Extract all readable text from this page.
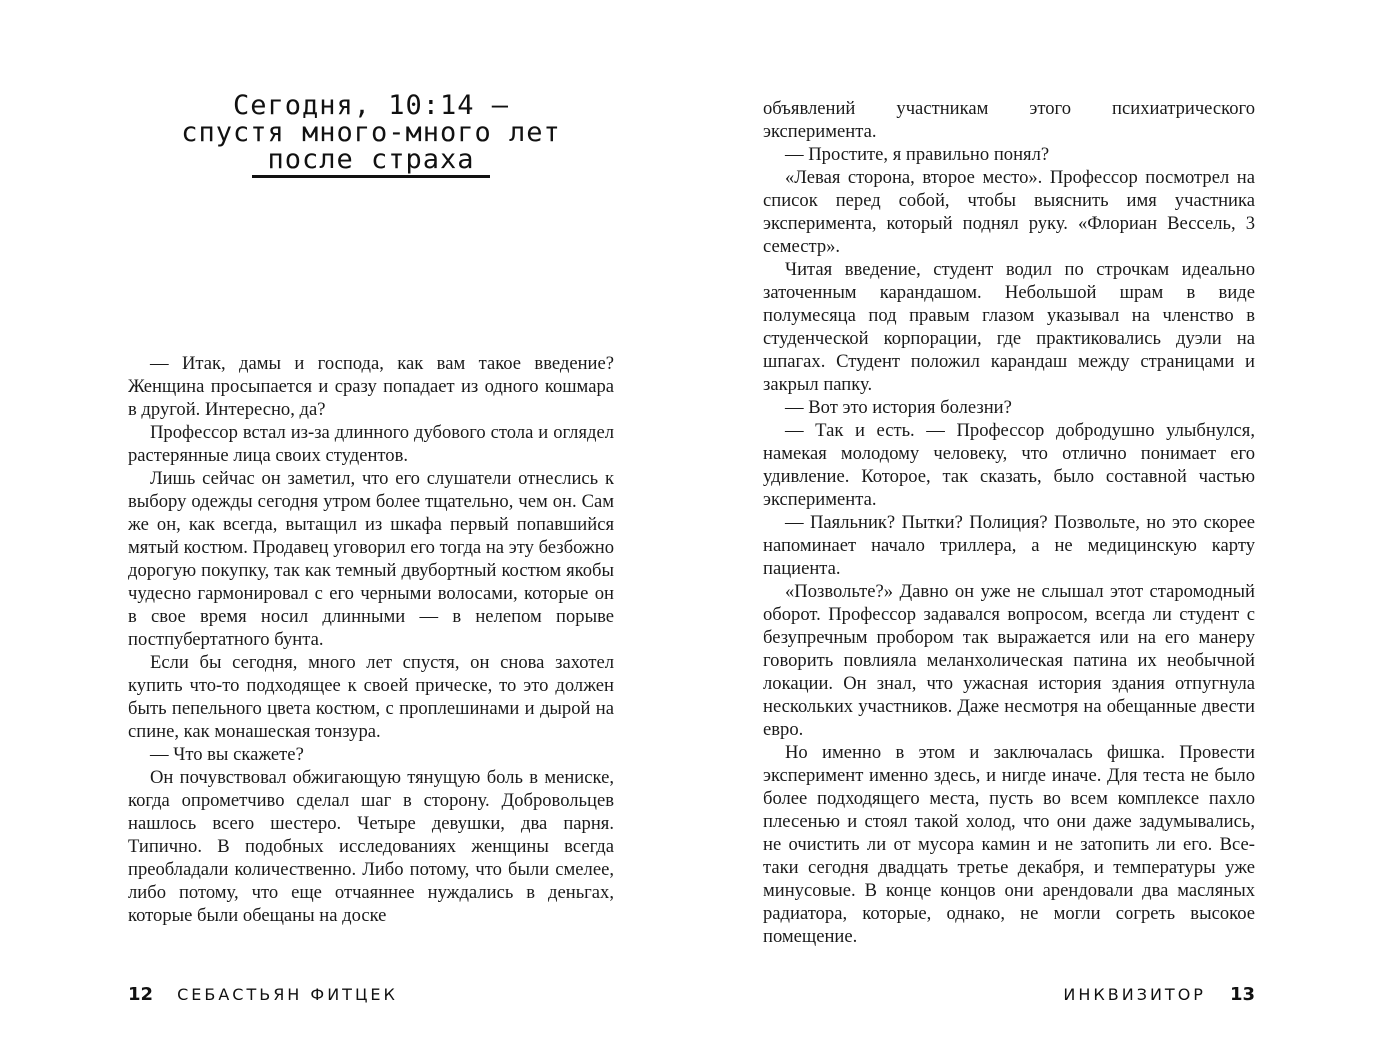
Сегодня, 10:14 —
спустя много-много лет
после страха

— Итак, дамы и господа, как вам такое введение? Женщина просыпается и сразу попадает из одного кошмара в другой. Интересно, да?

Профессор встал из-за длинного дубового стола и оглядел растерянные лица своих студентов.

Лишь сейчас он заметил, что его слушатели отнеслись к выбору одежды сегодня утром более тщательно, чем он. Сам же он, как всегда, вытащил из шкафа первый попавшийся мятый костюм. Продавец уговорил его тогда на эту безбожно дорогую покупку, так как темный двубортный костюм якобы чудесно гармонировал с его черными волосами, которые он в свое время носил длинными — в нелепом порыве постпубертатного бунта.

Если бы сегодня, много лет спустя, он снова захотел купить что-то подходящее к своей прическе, то это должен быть пепельного цвета костюм, с проплешинами и дырой на спине, как монашеская тонзура.

— Что вы скажете?

Он почувствовал обжигающую тянущую боль в мениске, когда опрометчиво сделал шаг в сторону. Добровольцев нашлось всего шестеро. Четыре девушки, два парня. Типично. В подобных исследованиях женщины всегда преобладали количественно. Либо потому, что были смелее, либо потому, что еще отчаяннее нуждались в деньгах, которые были обещаны на доске

12 СЕБАСТЬЯН ФИТЦЕК

объявлений участникам этого психиатрического эксперимента.

— Простите, я правильно понял?

«Левая сторона, второе место». Профессор посмотрел на список перед собой, чтобы выяснить имя участника эксперимента, который поднял руку. «Флориан Вессель, 3 семестр».

Читая введение, студент водил по строчкам идеально заточенным карандашом. Небольшой шрам в виде полумесяца под правым глазом указывал на членство в студенческой корпорации, где практиковались дуэли на шпагах. Студент положил карандаш между страницами и закрыл папку.

— Вот это история болезни?

— Так и есть. — Профессор добродушно улыбнулся, намекая молодому человеку, что отлично понимает его удивление. Которое, так сказать, было составной частью эксперимента.

— Паяльник? Пытки? Полиция? Позвольте, но это скорее напоминает начало триллера, а не медицинскую карту пациента.

«Позвольте?» Давно он уже не слышал этот старомодный оборот. Профессор задавался вопросом, всегда ли студент с безупречным пробором так выражается или на его манеру говорить повлияла меланхолическая патина их необычной локации. Он знал, что ужасная история здания отпугнула нескольких участников. Даже несмотря на обещанные двести евро.

Но именно в этом и заключалась фишка. Провести эксперимент именно здесь, и нигде иначе. Для теста не было более подходящего места, пусть во всем комплексе пахло плесенью и стоял такой холод, что они даже задумывались, не очистить ли от мусора камин и не затопить ли его. Все-таки сегодня двадцать третье декабря, и температуры уже минусовые. В конце концов они арендовали два масляных радиатора, которые, однако, не могли согреть высокое помещение.

ИНКВИЗИТОР 13
